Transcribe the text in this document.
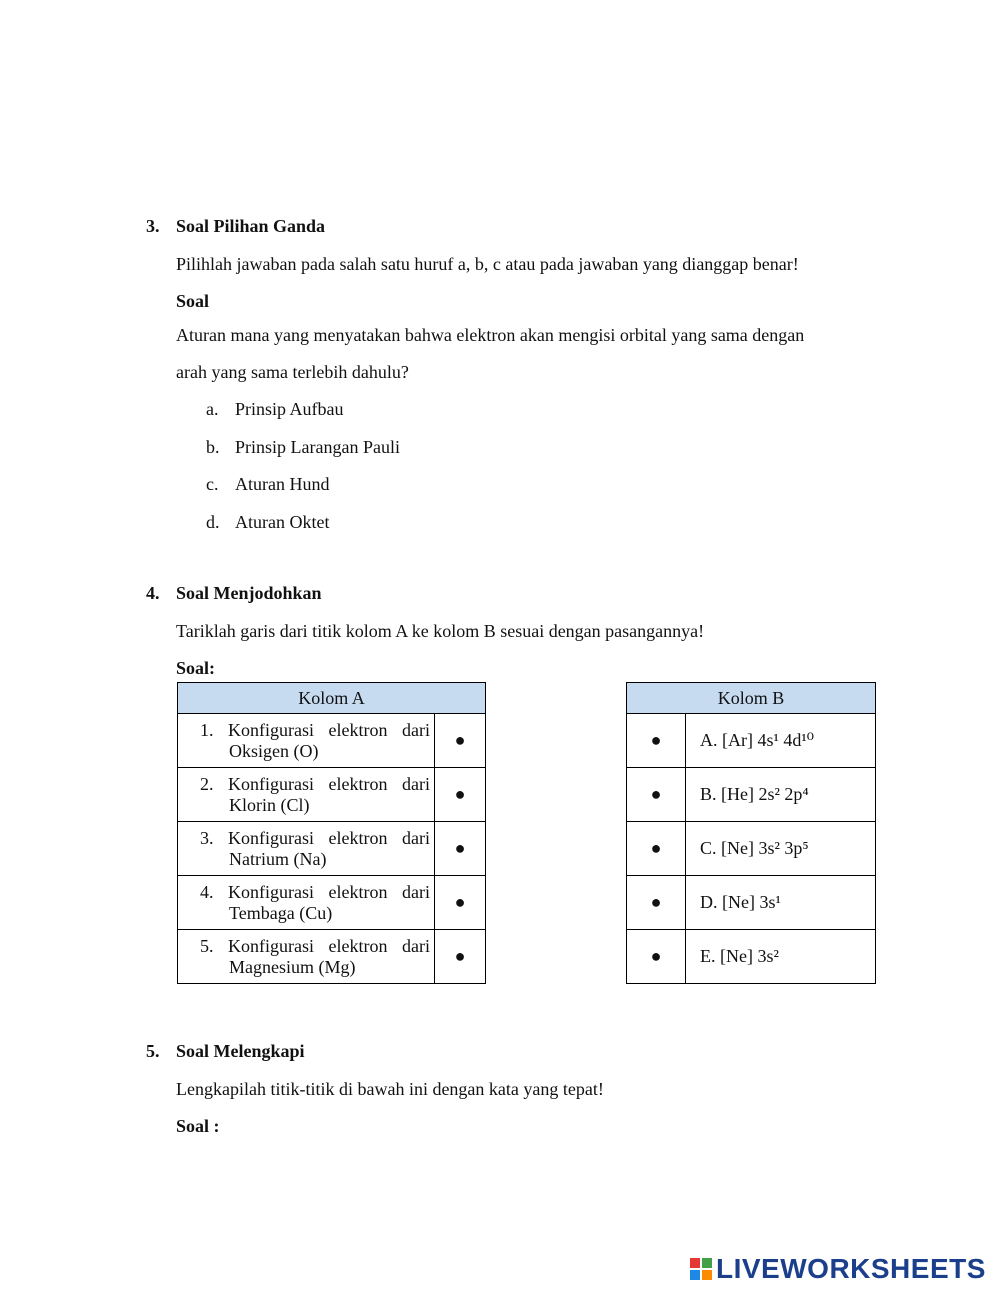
3. Soal Pilihan Ganda
Pilihlah jawaban pada salah satu huruf a, b, c atau pada jawaban yang dianggap benar!
Soal
Aturan mana yang menyatakan bahwa elektron akan mengisi orbital yang sama dengan
arah yang sama terlebih dahulu?
a. Prinsip Aufbau
b. Prinsip Larangan Pauli
c. Aturan Hund
d. Aturan Oktet
4. Soal Menjodohkan
Tariklah garis dari titik kolom A ke kolom B sesuai dengan pasangannya!
Soal:
Kolom A	

1. Konfigurasi elektron dari
Oksigen (O)	●

2. Konfigurasi elektron dari
Klorin (Cl)	●

3. Konfigurasi elektron dari
Natrium (Na)	●

4. Konfigurasi elektron dari
Tembaga (Cu)	●

5. Konfigurasi elektron dari
Magnesium (Mg)	●
Kolom B	
●	A. [Ar] 4s¹ 4d¹⁰
●	B. [He] 2s² 2p⁴
●	C. [Ne] 3s² 3p⁵
●	D. [Ne] 3s¹
●	E. [Ne] 3s²
5. Soal Melengkapi
Lengkapilah titik-titik di bawah ini dengan kata yang tepat!
Soal :
LIVEWORKSHEETS
